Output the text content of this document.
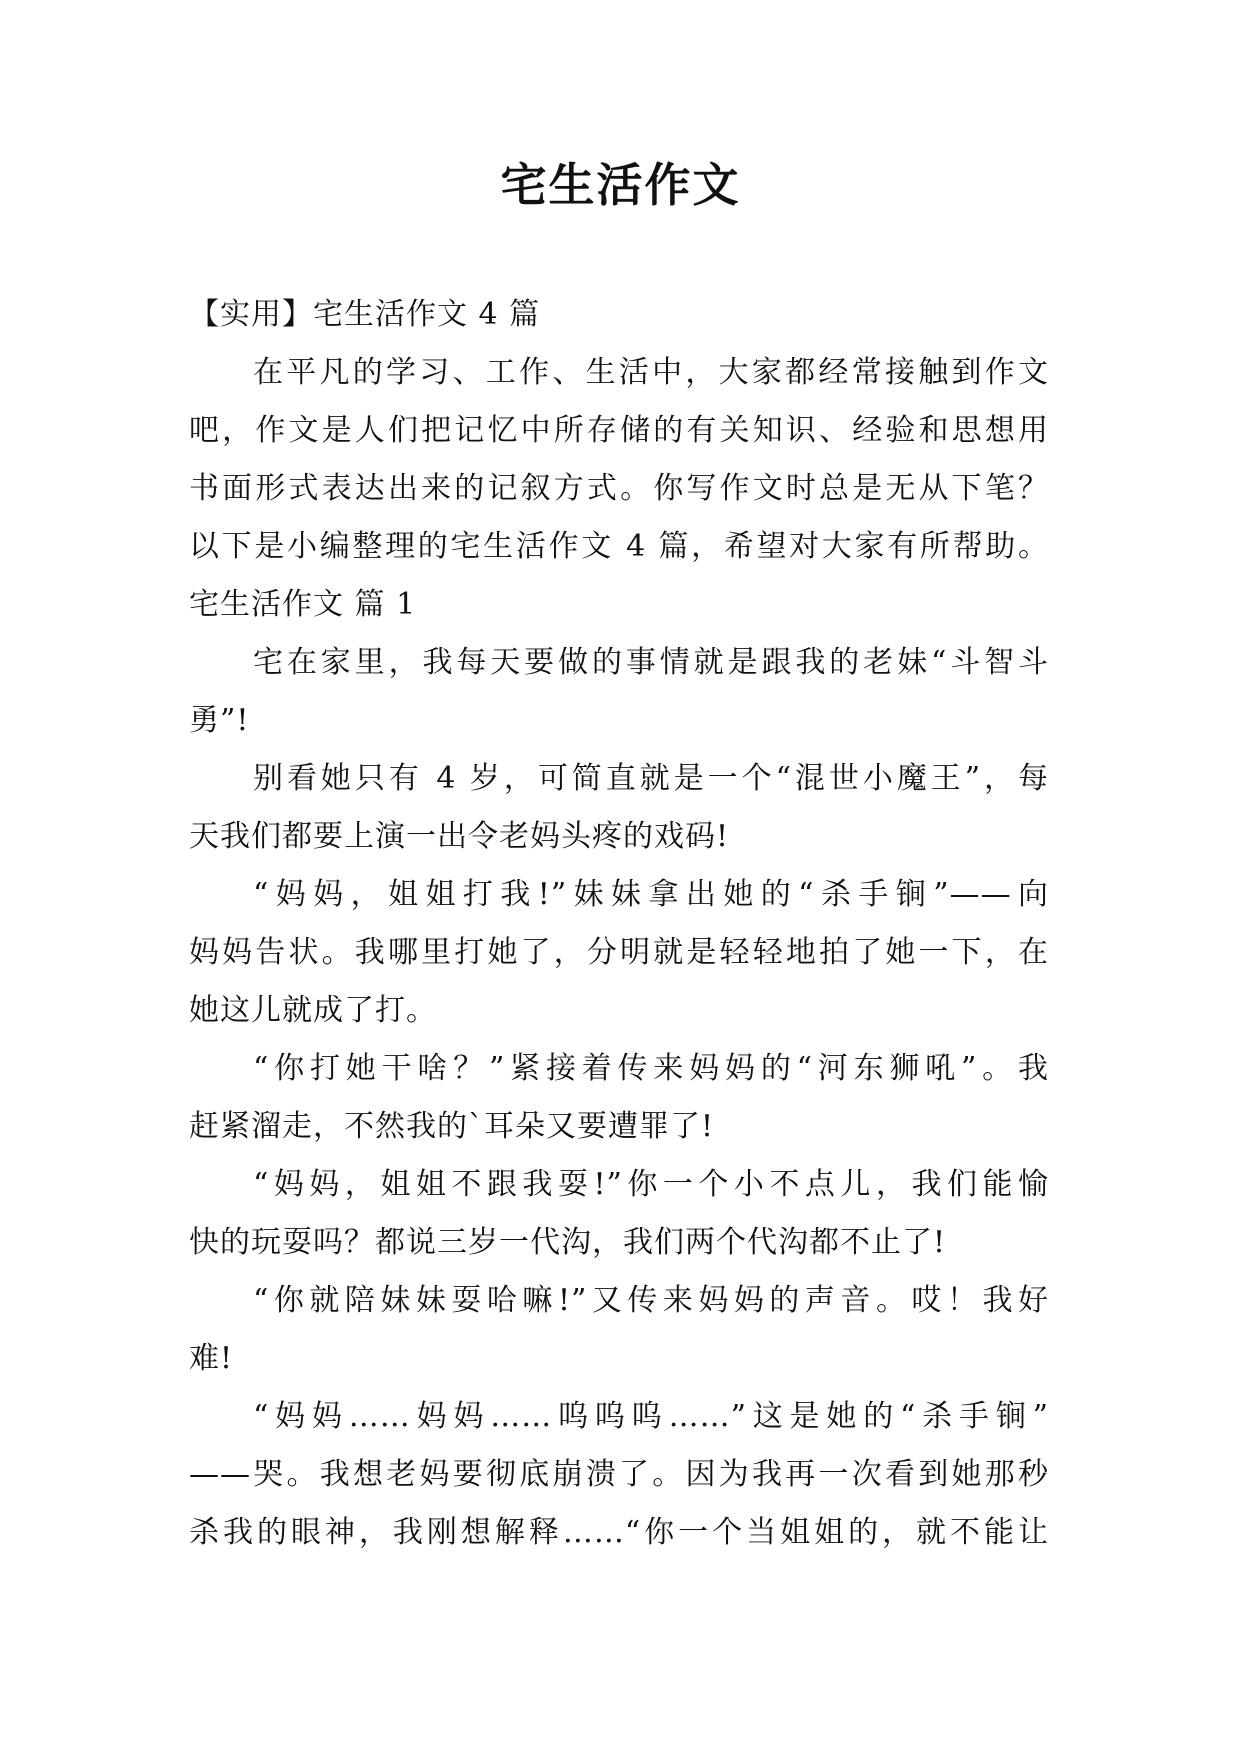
宅生活作文
【实用】宅生活作文 4 篇
在平凡的学习、工作、生活中，大家都经常接触到作文
吧，作文是人们把记忆中所存储的有关知识、经验和思想用
书面形式表达出来的记叙方式。你写作文时总是无从下笔？
以下是小编整理的宅生活作文 4 篇，希望对大家有所帮助。
宅生活作文 篇 1
宅在家里，我每天要做的事情就是跟我的老妹“斗智斗
勇”!
别看她只有 4 岁，可简直就是一个“混世小魔王”，每
天我们都要上演一出令老妈头疼的戏码!
“妈妈，姐姐打我!”妹妹拿出她的“杀手锏”——向
妈妈告状。我哪里打她了，分明就是轻轻地拍了她一下，在
她这儿就成了打。
“你打她干啥？”紧接着传来妈妈的“河东狮吼”。我
赶紧溜走，不然我的`耳朵又要遭罪了!
“妈妈，姐姐不跟我耍!”你一个小不点儿，我们能愉
快的玩耍吗？都说三岁一代沟，我们两个代沟都不止了!
“你就陪妹妹耍哈嘛!”又传来妈妈的声音。哎！我好
难!
“妈妈……妈妈……呜呜呜……”这是她的“杀手锏”
——哭。我想老妈要彻底崩溃了。因为我再一次看到她那秒
杀我的眼神，我刚想解释……“你一个当姐姐的，就不能让
